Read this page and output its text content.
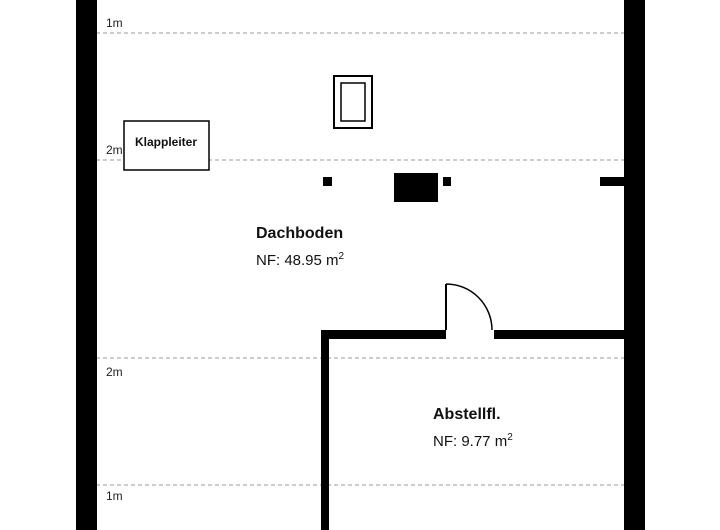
1m
2m
2m
1m
Klappleiter
Dachboden
NF: 48.95 $m^2$
Abstellfl.
NF: 9.77 $m^2$
